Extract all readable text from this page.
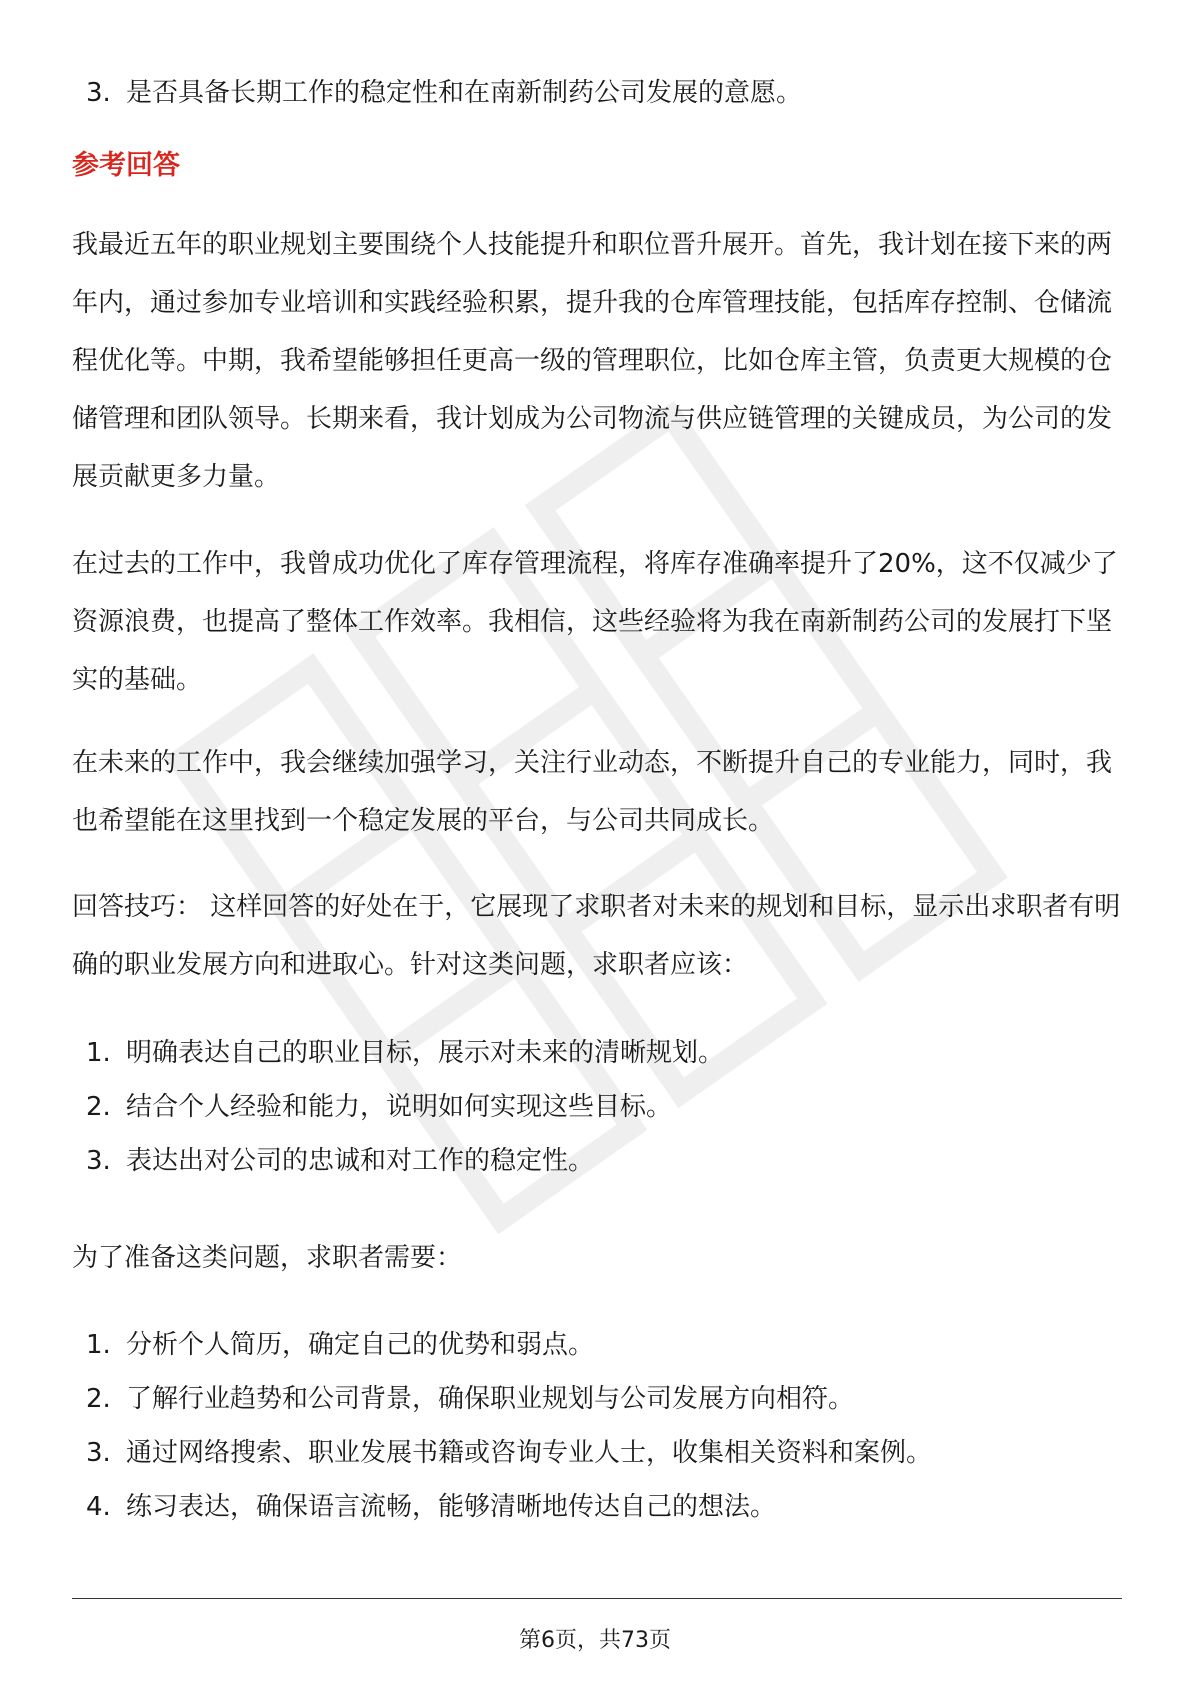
3. 是否具备长期工作的稳定性和在南新制药公司发展的意愿。
参考回答

我最近五年的职业规划主要围绕个人技能提升和职位晋升展开。首先，我计划在接下来的两年内，通过参加专业培训和实践经验积累，提升我的仓库管理技能，包括库存控制、仓储流程优化等。中期，我希望能够担任更高一级的管理职位，比如仓库主管，负责更大规模的仓储管理和团队领导。长期来看，我计划成为公司物流与供应链管理的关键成员，为公司的发展贡献更多力量。

在过去的工作中，我曾成功优化了库存管理流程，将库存准确率提升了20%，这不仅减少了资源浪费，也提高了整体工作效率。我相信，这些经验将为我在南新制药公司的发展打下坚实的基础。

在未来的工作中，我会继续加强学习，关注行业动态，不断提升自己的专业能力，同时，我也希望能在这里找到一个稳定发展的平台，与公司共同成长。

回答技巧： 这样回答的好处在于，它展现了求职者对未来的规划和目标，显示出求职者有明确的职业发展方向和进取心。针对这类问题，求职者应该：

1. 明确表达自己的职业目标，展示对未来的清晰规划。
2. 结合个人经验和能力，说明如何实现这些目标。
3. 表达出对公司的忠诚和对工作的稳定性。

为了准备这类问题，求职者需要：

1. 分析个人简历，确定自己的优势和弱点。
2. 了解行业趋势和公司背景，确保职业规划与公司发展方向相符。
3. 通过网络搜索、职业发展书籍或咨询专业人士，收集相关资料和案例。
4. 练习表达，确保语言流畅，能够清晰地传达自己的想法。
第6页，共73页
